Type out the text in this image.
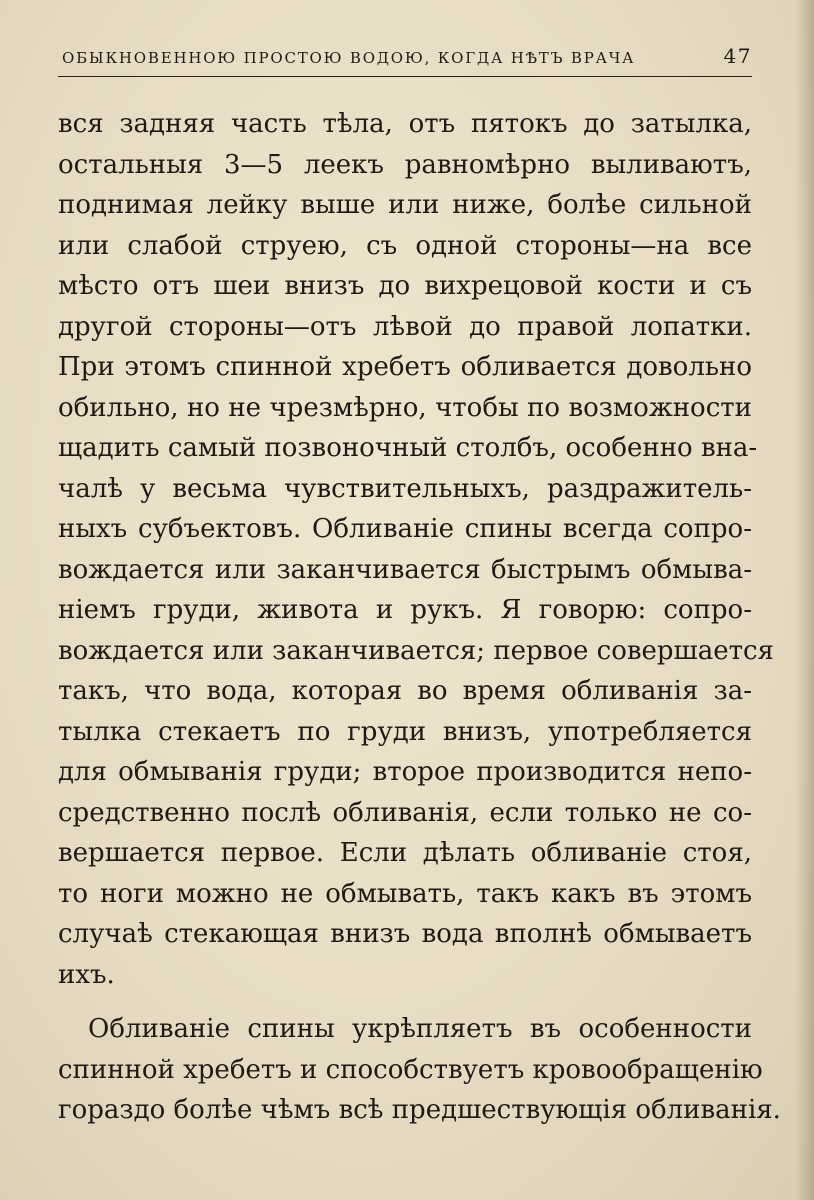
ОБЫКНОВЕННОЮ ПРОСТОЮ ВОДОЮ, КОГДА НѢТЪ ВРАЧА	47
вся задняя часть тѣла, отъ пятокъ до затылка,
остальныя 3—5 леекъ равномѣрно выливаютъ,
поднимая лейку выше или ниже, болѣе сильной
или слабой струею, съ одной стороны—на все
мѣсто отъ шеи внизъ до вихрецовой кости и съ
другой стороны—отъ лѣвой до правой лопатки.
При этомъ спинной хребетъ обливается довольно
обильно, но не чрезмѣрно, чтобы по возможности
щадить самый позвоночный столбъ, особенно вна-
чалѣ у весьма чувствительныхъ, раздражитель-
ныхъ субъектовъ. Обливаніе спины всегда сопро-
вождается или заканчивается быстрымъ обмыва-
ніемъ груди, живота и рукъ. Я говорю: сопро-
вождается или заканчивается; первое совершается
такъ, что вода, которая во время обливанія за-
тылка стекаетъ по груди внизъ, употребляется
для обмыванія груди; второе производится непо-
средственно послѣ обливанія, если только не со-
вершается первое. Если дѣлать обливаніе стоя,
то ноги можно не обмывать, такъ какъ въ этомъ
случаѣ стекающая внизъ вода вполнѣ обмываетъ
ихъ.
Обливаніе спины укрѣпляетъ въ особенности
спинной хребетъ и способствуетъ кровообращенію
гораздо болѣе чѣмъ всѣ предшествующія обливанія.
